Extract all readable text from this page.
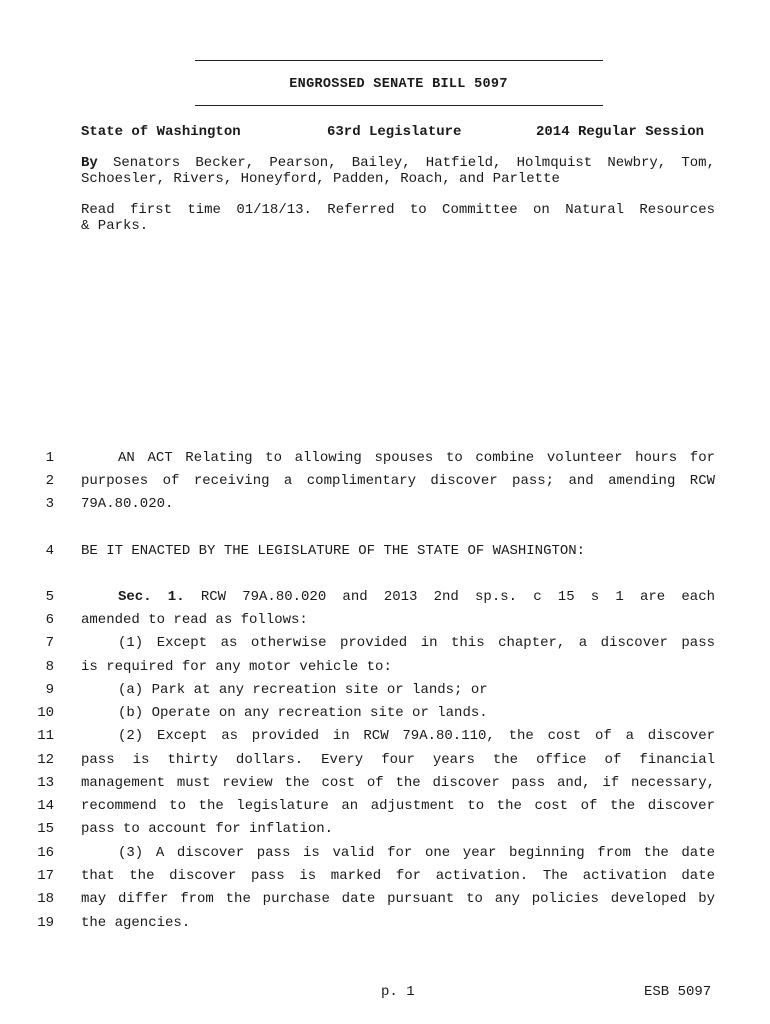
ENGROSSED SENATE BILL 5097
State of Washington	63rd Legislature	2014 Regular Session
By Senators Becker, Pearson, Bailey, Hatfield, Holmquist Newbry, Tom,
Schoesler, Rivers, Honeyford, Padden, Roach, and Parlette
Read first time 01/18/13. Referred to Committee on Natural Resources
& Parks.
1	AN ACT Relating to allowing spouses to combine volunteer hours for
2 purposes of receiving a complimentary discover pass; and amending RCW
3 79A.80.020.
4 BE IT ENACTED BY THE LEGISLATURE OF THE STATE OF WASHINGTON:
5	Sec. 1. RCW 79A.80.020 and 2013 2nd sp.s. c 15 s 1 are each
6 amended to read as follows:
7	(1) Except as otherwise provided in this chapter, a discover pass
8 is required for any motor vehicle to:
9	(a) Park at any recreation site or lands; or
10	(b) Operate on any recreation site or lands.
11	(2) Except as provided in RCW 79A.80.110, the cost of a discover
12 pass is thirty dollars. Every four years the office of financial
13 management must review the cost of the discover pass and, if necessary,
14 recommend to the legislature an adjustment to the cost of the discover
15 pass to account for inflation.
16	(3) A discover pass is valid for one year beginning from the date
17 that the discover pass is marked for activation. The activation date
18 may differ from the purchase date pursuant to any policies developed by
19 the agencies.
p. 1	ESB 5097
